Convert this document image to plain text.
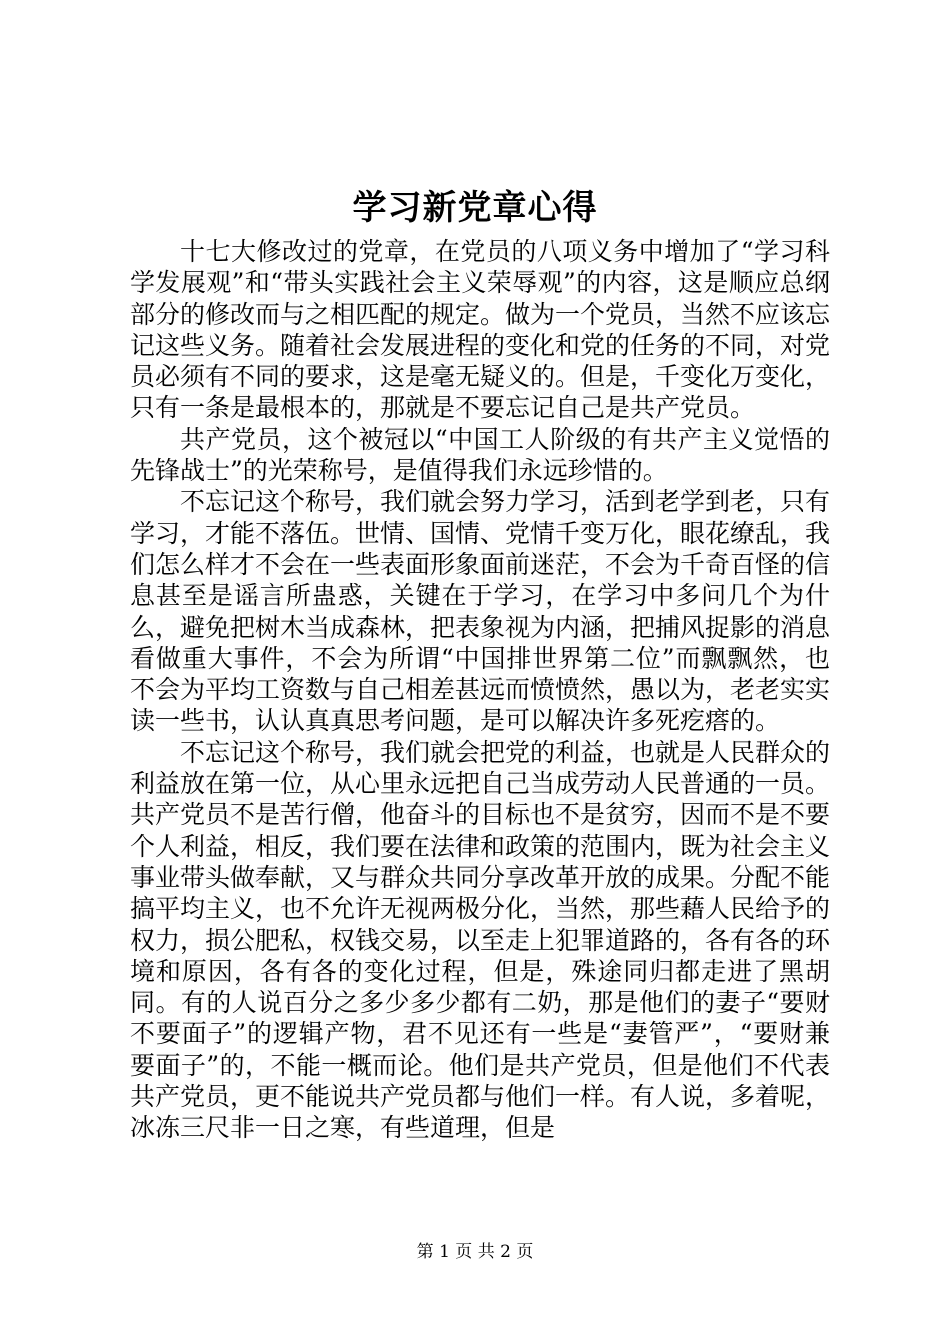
学习新党章心得

十七大修改过的党章，在党员的八项义务中增加了“学习科学发展观”和“带头实践社会主义荣辱观”的内容，这是顺应总纲部分的修改而与之相匹配的规定。做为一个党员，当然不应该忘记这些义务。随着社会发展进程的变化和党的任务的不同，对党员必须有不同的要求，这是毫无疑义的。但是，千变化万变化，只有一条是最根本的，那就是不要忘记自己是共产党员。

共产党员，这个被冠以“中国工人阶级的有共产主义觉悟的先锋战士”的光荣称号，是值得我们永远珍惜的。

不忘记这个称号，我们就会努力学习，活到老学到老，只有学习，才能不落伍。世情、国情、党情千变万化，眼花缭乱，我们怎么样才不会在一些表面形象面前迷茫，不会为千奇百怪的信息甚至是谣言所蛊惑，关键在于学习，在学习中多问几个为什么，避免把树木当成森林，把表象视为内涵，把捕风捉影的消息看做重大事件，不会为所谓“中国排世界第二位”而飘飘然，也不会为平均工资数与自己相差甚远而愤愤然，愚以为，老老实实读一些书，认认真真思考问题，是可以解决许多死疙瘩的。

不忘记这个称号，我们就会把党的利益，也就是人民群众的利益放在第一位，从心里永远把自己当成劳动人民普通的一员。共产党员不是苦行僧，他奋斗的目标也不是贫穷，因而不是不要个人利益，相反，我们要在法律和政策的范围内，既为社会主义事业带头做奉献，又与群众共同分享改革开放的成果。分配不能搞平均主义，也不允许无视两极分化，当然，那些藉人民给予的权力，损公肥私，权钱交易，以至走上犯罪道路的，各有各的环境和原因，各有各的变化过程，但是，殊途同归都走进了黑胡同。有的人说百分之多少多少都有二奶，那是他们的妻子“要财不要面子”的逻辑产物，君不见还有一些是“妻管严”，“要财兼要面子”的，不能一概而论。他们是共产党员，但是他们不代表共产党员，更不能说共产党员都与他们一样。有人说，多着呢，冰冻三尺非一日之寒，有些道理，但是

第 1 页 共 2 页
